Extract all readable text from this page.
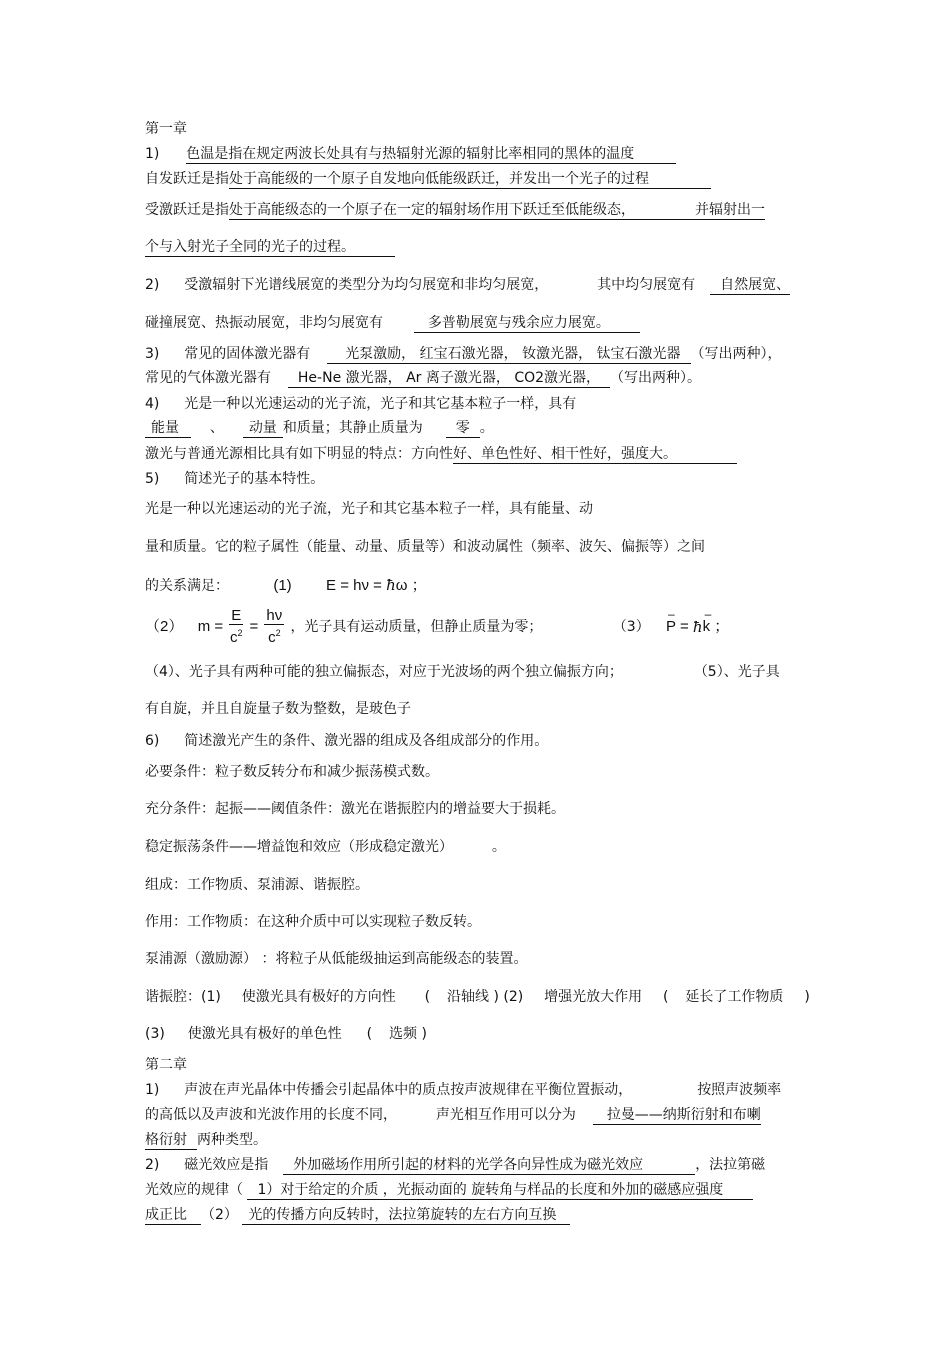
第一章
1) 色温是指在规定两波长处具有与热辐射光源的辐射比率相同的黑体的温度
自发跃迁是指处于高能级的一个原子自发地向低能级跃迁，并发出一个光子的过程
受激跃迁是指处于高能级态的一个原子在一定的辐射场作用下跃迁至低能级态，	并辐射出一
个与入射光子全同的光子的过程。
2) 受激辐射下光谱线展宽的类型分为均匀展宽和非均匀展宽，	其中均匀展宽有 自然展宽、
碰撞展宽、热振动展宽，非均匀展宽有	多普勒展宽与残余应力展宽。
3) 常见的固体激光器有 光泵激励， 红宝石激光器， 钕激光器， 钛宝石激光器 （写出两种），
常见的气体激光器有 He-Ne 激光器， Ar 离子激光器， CO2激光器， （写出两种）。
4) 光是一种以光速运动的光子流，光子和其它基本粒子一样，具有
能量 、 动量 和质量；其静止质量为 零 。
激光与普通光源相比具有如下明显的特点：方向性好、单色性好、相干性好，强度大。
5) 简述光子的基本特性。
光是一种以光速运动的光子流，光子和其它基本粒子一样，具有能量、动
量和质量。它的粒子属性（能量、动量、质量等）和波动属性（频率、波矢、偏振等）之间
的关系满足：	(1) E = hν = ħω ；
（2） $m = \frac{E}{c^2} = \frac{h\nu}{c^2}$ ，光子具有运动质量，但静止质量为零；	（3）  ‒ P = ħ‒ k ；
（4）、光子具有两种可能的独立偏振态，对应于光波场的两个独立偏振方向；	（5）、光子具
有自旋，并且自旋量子数为整数，是玻色子
6) 简述激光产生的条件、激光器的组成及各组成部分的作用。
必要条件：粒子数反转分布和减少振荡模式数。
充分条件：起振——阈值条件：激光在谐振腔内的增益要大于损耗。
稳定振荡条件——增益饱和效应（形成稳定激光）	。
组成：工作物质、泵浦源、谐振腔。
作用：工作物质：在这种介质中可以实现粒子数反转。
泵浦源（激励源） ：将粒子从低能级抽运到高能级态的装置。
谐振腔：(1) 使激光具有极好的方向性 ( 沿轴线 ) (2) 增强光放大作用 ( 延长了工作物质 )
(3) 使激光具有极好的单色性 ( 选频 )
第二章
1) 声波在声光晶体中传播会引起晶体中的质点按声波规律在平衡位置振动，	按照声波频率
的高低以及声波和光波作用的长度不同，	声光相互作用可以分为 拉曼——纳斯衍射和布喇
格衍射 两种类型。
2) 磁光效应是指 外加磁场作用所引起的材料的光学各向异性成为磁光效应	，法拉第磁
光效应的规律（ 1）对于给定的介质 ，光振动面的 旋转角与样品的长度和外加的磁感应强度
成正比 （2） 光的传播方向反转时，法拉第旋转的左右方向互换
